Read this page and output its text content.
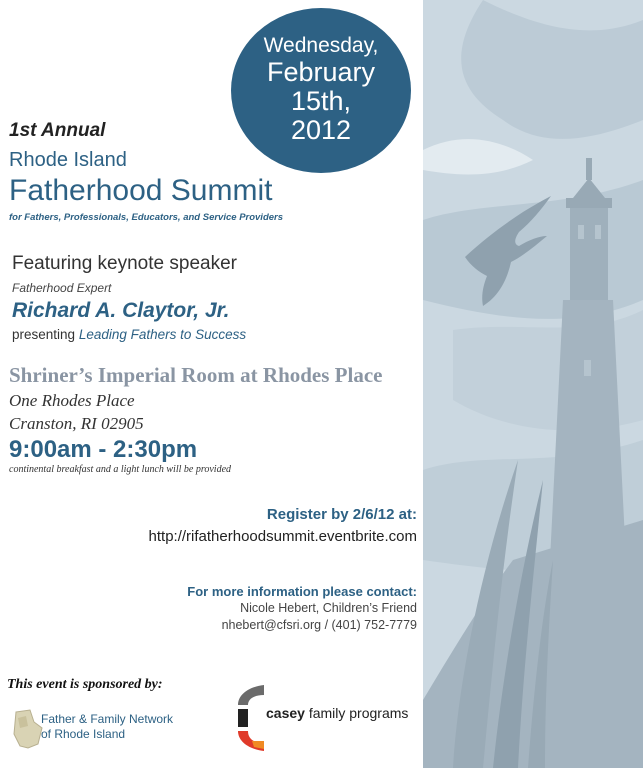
Wednesday,
February
15th,
2012
1st Annual
Rhode Island
Fatherhood Summit
for Fathers, Professionals, Educators, and Service Providers
Featuring keynote speaker
Fatherhood Expert
Richard A. Claytor, Jr.
presenting Leading Fathers to Success
Shriner’s Imperial Room at Rhodes Place
One Rhodes Place
Cranston, RI 02905
9:00am - 2:30pm
continental breakfast and a light lunch will be provided
Register by 2/6/12 at:
http://rifatherhoodsummit.eventbrite.com
For more information please contact:
Nicole Hebert, Children’s Friend
nhebert@cfsri.org / (401) 752-7779
This event is sponsored by:
Father & Family Network
of Rhode Island
casey family programs
